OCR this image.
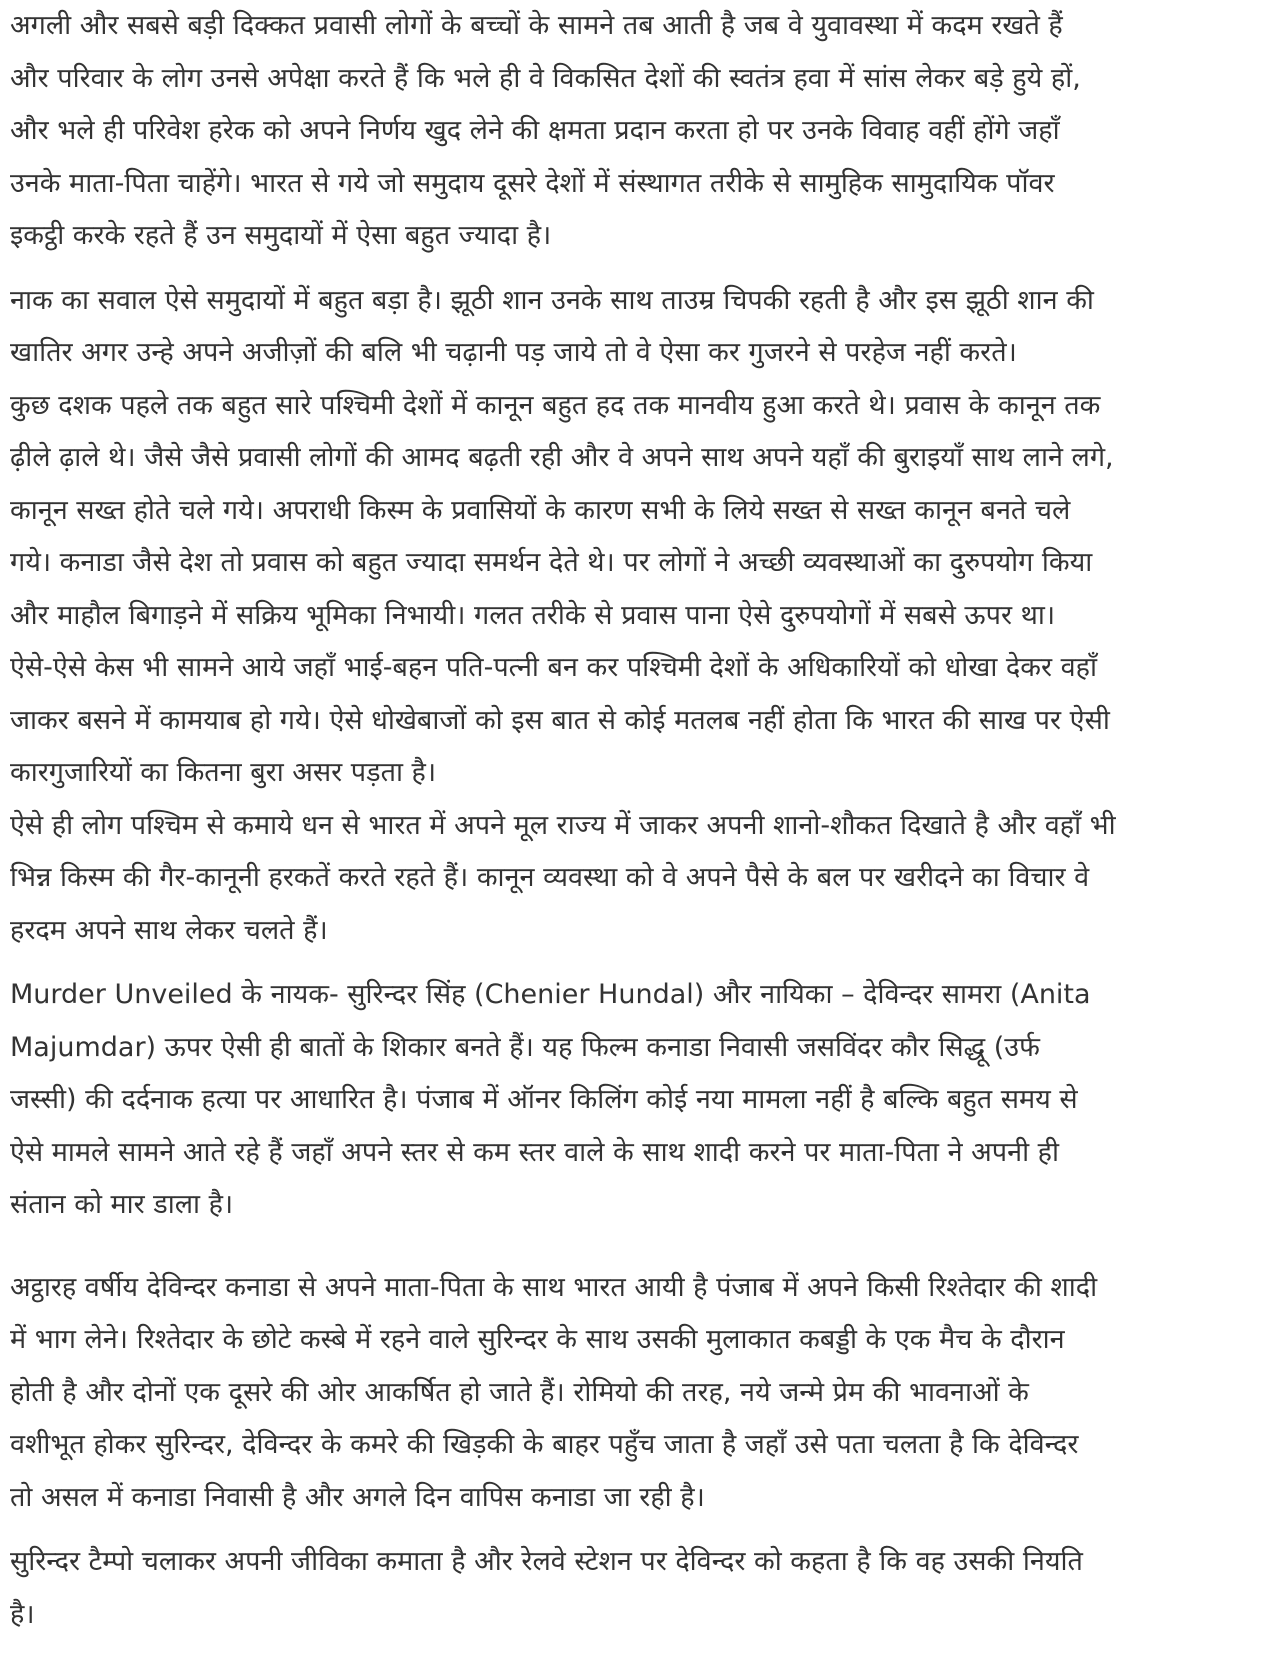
अगली और सबसे बड़ी दिक्कत प्रवासी लोगों के बच्चों के सामने तब आती है जब वे युवावस्था में कदम रखते हैं
और परिवार के लोग उनसे अपेक्षा करते हैं कि भले ही वे विकसित देशों की स्वतंत्र हवा में सांस लेकर बड़े हुये हों,
और भले ही परिवेश हरेक को अपने निर्णय खुद लेने की क्षमता प्रदान करता हो पर उनके विवाह वहीं होंगे जहाँ
उनके माता-पिता चाहेंगे। भारत से गये जो समुदाय दूसरे देशों में संस्थागत तरीके से सामुहिक सामुदायिक पॉवर
इकट्ठी करके रहते हैं उन समुदायों में ऐसा बहुत ज्यादा है।

नाक का सवाल ऐसे समुदायों में बहुत बड़ा है। झूठी शान उनके साथ ताउम्र चिपकी रहती है और इस झूठी शान की
खातिर अगर उन्हे अपने अजीज़ों की बलि भी चढ़ानी पड़ जाये तो वे ऐसा कर गुजरने से परहेज नहीं करते।
कुछ दशक पहले तक बहुत सारे पश्चिमी देशों में कानून बहुत हद तक मानवीय हुआ करते थे। प्रवास के कानून तक
ढ़ीले ढ़ाले थे। जैसे जैसे प्रवासी लोगों की आमद बढ़ती रही और वे अपने साथ अपने यहाँ की बुराइयाँ साथ लाने लगे,
कानून सख्त होते चले गये। अपराधी किस्म के प्रवासियों के कारण सभी के लिये सख्त से सख्त कानून बनते चले
गये। कनाडा जैसे देश तो प्रवास को बहुत ज्यादा समर्थन देते थे। पर लोगों ने अच्छी व्यवस्थाओं का दुरुपयोग किया
और माहौल बिगाड़ने में सक्रिय भूमिका निभायी। गलत तरीके से प्रवास पाना ऐसे दुरुपयोगों में सबसे ऊपर था।
ऐसे-ऐसे केस भी सामने आये जहाँ भाई-बहन पति-पत्नी बन कर पश्चिमी देशों के अधिकारियों को धोखा देकर वहाँ
जाकर बसने में कामयाब हो गये। ऐसे धोखेबाजों को इस बात से कोई मतलब नहीं होता कि भारत की साख पर ऐसी
कारगुजारियों का कितना बुरा असर पड़ता है।

ऐसे ही लोग पश्चिम से कमाये धन से भारत में अपने मूल राज्य में जाकर अपनी शानो-शौकत दिखाते है और वहाँ भी
भिन्न किस्म की गैर-कानूनी हरकतें करते रहते हैं। कानून व्यवस्था को वे अपने पैसे के बल पर खरीदने का विचार वे
हरदम अपने साथ लेकर चलते हैं।

Murder Unveiled के नायक- सुरिन्दर सिंह (Chenier Hundal) और नायिका – देविन्दर सामरा (Anita
Majumdar) ऊपर ऐसी ही बातों के शिकार बनते हैं। यह फिल्म कनाडा निवासी जसविंदर कौर सिद्धू (उर्फ
जस्सी) की दर्दनाक हत्या पर आधारित है। पंजाब में ऑनर किलिंग कोई नया मामला नहीं है बल्कि बहुत समय से
ऐसे मामले सामने आते रहे हैं जहाँ अपने स्तर से कम स्तर वाले के साथ शादी करने पर माता-पिता ने अपनी ही
संतान को मार डाला है।

अट्ठारह वर्षीय देविन्दर कनाडा से अपने माता-पिता के साथ भारत आयी है पंजाब में अपने किसी रिश्तेदार की शादी
में भाग लेने। रिश्तेदार के छोटे कस्बे में रहने वाले सुरिन्दर के साथ उसकी मुलाकात कबड्डी के एक मैच के दौरान
होती है और दोनों एक दूसरे की ओर आकर्षित हो जाते हैं। रोमियो की तरह, नये जन्मे प्रेम की भावनाओं के
वशीभूत होकर सुरिन्दर, देविन्दर के कमरे की खिड़की के बाहर पहुँच जाता है जहाँ उसे पता चलता है कि देविन्दर
तो असल में कनाडा निवासी है और अगले दिन वापिस कनाडा जा रही है।

सुरिन्दर टैम्पो चलाकर अपनी जीविका कमाता है और रेलवे स्टेशन पर देविन्दर को कहता है कि वह उसकी नियति
है।
